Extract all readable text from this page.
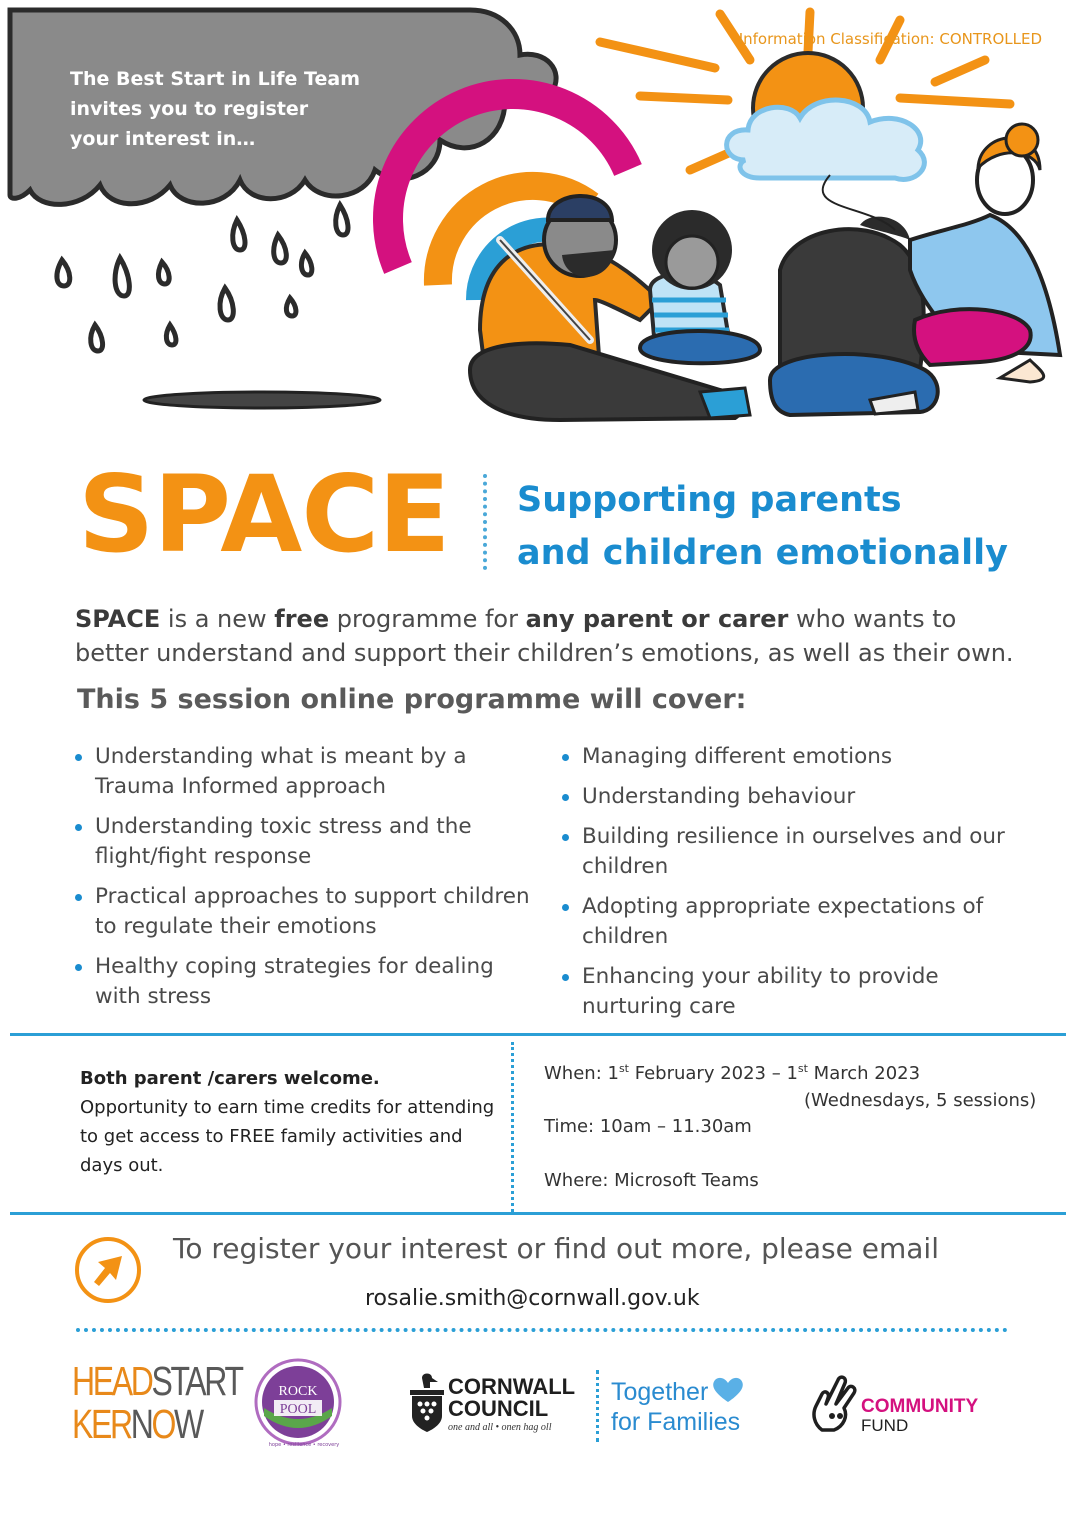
The Best Start in Life Team invites you to register your interest in…
Information Classification: CONTROLLED
SPACE Supporting parents
and children emotionally

SPACE is a new free programme for any parent or carer who wants to better understand and support their children’s emotions, as well as their own.

This 5 session online programme will cover:
Understanding what is meant by a Trauma Informed approach
Understanding toxic stress and the flight/fight response
Practical approaches to support children to regulate their emotions
Healthy coping strategies for dealing with stress
Managing different emotions
Understanding behaviour
Building resilience in ourselves and our children
Adopting appropriate expectations of children
Enhancing your ability to provide nurturing care
Both parent /carers welcome.
Opportunity to earn time credits for attending to get access to FREE family activities and days out.
When: 1st February 2023 – 1st March 2023
(Wednesdays, 5 sessions)
Time: 10am – 11.30am
Where: Microsoft Teams
To register your interest or find out more, please email
rosalie.smith@cornwall.gov.uk
HEADSTART
KERNOW
ROCK
POOL
hope • resilience • recovery
CORNWALL
COUNCIL
one and all • onen hag oll
Together
for Families
COMMUNITY
FUND
